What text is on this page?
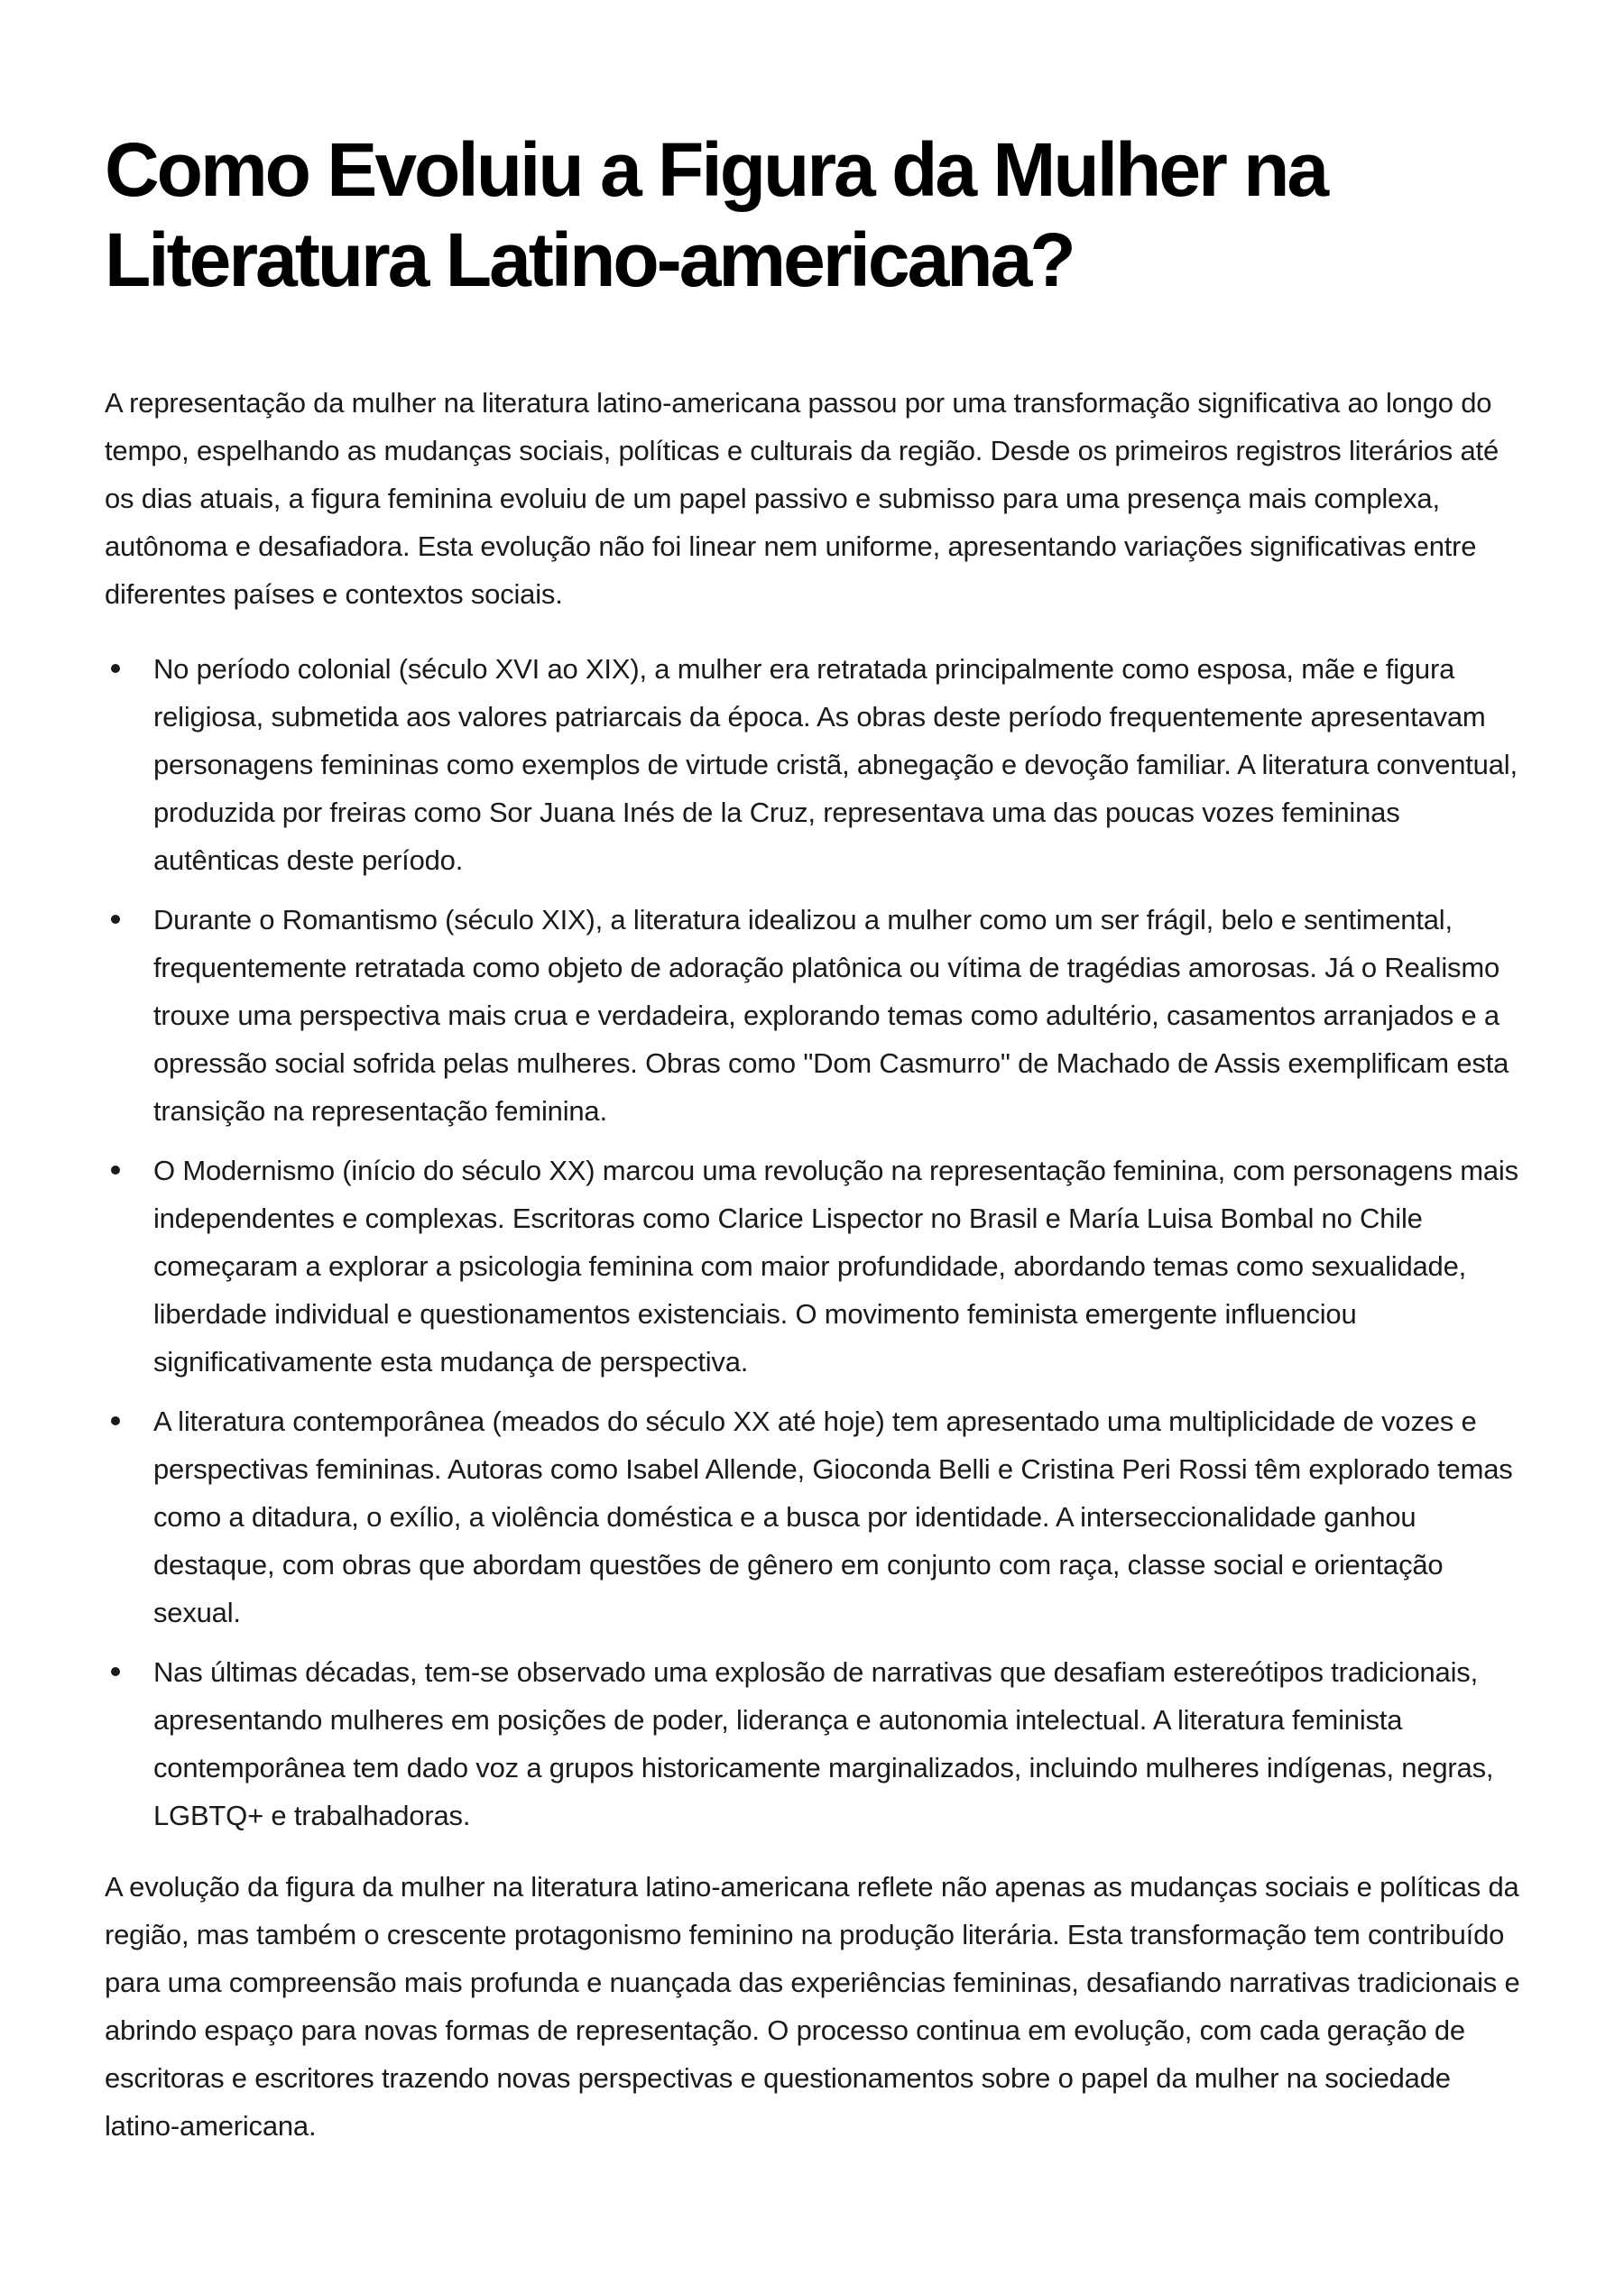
Como Evoluiu a Figura da Mulher na Literatura Latino-americana?

A representação da mulher na literatura latino-americana passou por uma transformação significativa ao longo do tempo, espelhando as mudanças sociais, políticas e culturais da região. Desde os primeiros registros literários até os dias atuais, a figura feminina evoluiu de um papel passivo e submisso para uma presença mais complexa, autônoma e desafiadora. Esta evolução não foi linear nem uniforme, apresentando variações significativas entre diferentes países e contextos sociais.

No período colonial (século XVI ao XIX), a mulher era retratada principalmente como esposa, mãe e figura religiosa, submetida aos valores patriarcais da época. As obras deste período frequentemente apresentavam personagens femininas como exemplos de virtude cristã, abnegação e devoção familiar. A literatura conventual, produzida por freiras como Sor Juana Inés de la Cruz, representava uma das poucas vozes femininas autênticas deste período.
Durante o Romantismo (século XIX), a literatura idealizou a mulher como um ser frágil, belo e sentimental, frequentemente retratada como objeto de adoração platônica ou vítima de tragédias amorosas. Já o Realismo trouxe uma perspectiva mais crua e verdadeira, explorando temas como adultério, casamentos arranjados e a opressão social sofrida pelas mulheres. Obras como "Dom Casmurro" de Machado de Assis exemplificam esta transição na representação feminina.
O Modernismo (início do século XX) marcou uma revolução na representação feminina, com personagens mais independentes e complexas. Escritoras como Clarice Lispector no Brasil e María Luisa Bombal no Chile começaram a explorar a psicologia feminina com maior profundidade, abordando temas como sexualidade, liberdade individual e questionamentos existenciais. O movimento feminista emergente influenciou significativamente esta mudança de perspectiva.
A literatura contemporânea (meados do século XX até hoje) tem apresentado uma multiplicidade de vozes e perspectivas femininas. Autoras como Isabel Allende, Gioconda Belli e Cristina Peri Rossi têm explorado temas como a ditadura, o exílio, a violência doméstica e a busca por identidade. A interseccionalidade ganhou destaque, com obras que abordam questões de gênero em conjunto com raça, classe social e orientação sexual.
Nas últimas décadas, tem-se observado uma explosão de narrativas que desafiam estereótipos tradicionais, apresentando mulheres em posições de poder, liderança e autonomia intelectual. A literatura feminista contemporânea tem dado voz a grupos historicamente marginalizados, incluindo mulheres indígenas, negras, LGBTQ+ e trabalhadoras.

A evolução da figura da mulher na literatura latino-americana reflete não apenas as mudanças sociais e políticas da região, mas também o crescente protagonismo feminino na produção literária. Esta transformação tem contribuído para uma compreensão mais profunda e nuançada das experiências femininas, desafiando narrativas tradicionais e abrindo espaço para novas formas de representação. O processo continua em evolução, com cada geração de escritoras e escritores trazendo novas perspectivas e questionamentos sobre o papel da mulher na sociedade latino-americana.
